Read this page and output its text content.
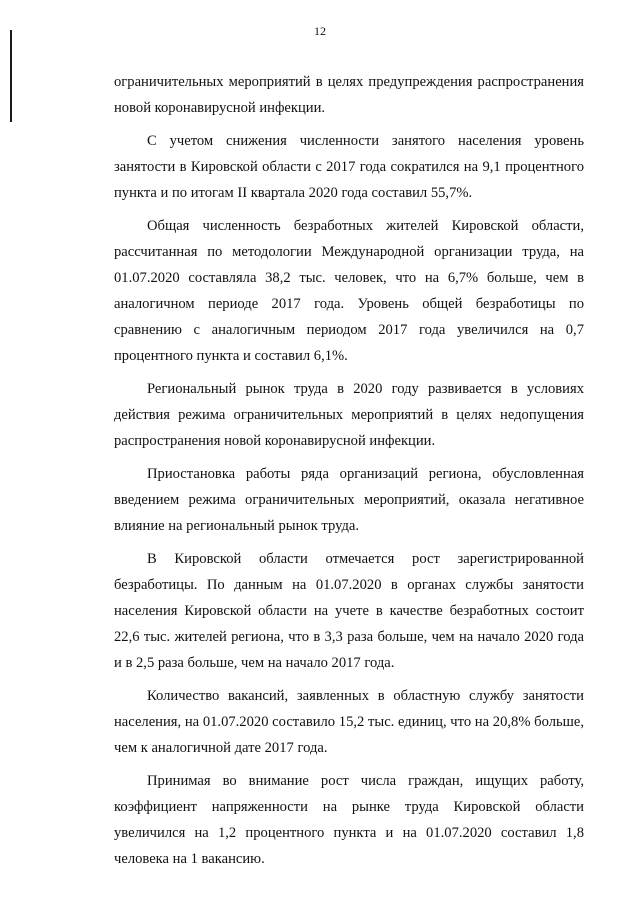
12

ограничительных мероприятий в целях предупреждения распространения новой коронавирусной инфекции.

С учетом снижения численности занятого населения уровень занятости в Кировской области с 2017 года сократился на 9,1 процентного пункта и по итогам II квартала 2020 года составил 55,7%.

Общая численность безработных жителей Кировской области, рассчитанная по методологии Международной организации труда, на 01.07.2020 составляла 38,2 тыс. человек, что на 6,7% больше, чем в аналогичном периоде 2017 года. Уровень общей безработицы по сравнению с аналогичным периодом 2017 года увеличился на 0,7 процентного пункта и составил 6,1%.

Региональный рынок труда в 2020 году развивается в условиях действия режима ограничительных мероприятий в целях недопущения распространения новой коронавирусной инфекции.

Приостановка работы ряда организаций региона, обусловленная введением режима ограничительных мероприятий, оказала негативное влияние на региональный рынок труда.

В Кировской области отмечается рост зарегистрированной безработицы. По данным на 01.07.2020 в органах службы занятости населения Кировской области на учете в качестве безработных состоит 22,6 тыс. жителей региона, что в 3,3 раза больше, чем на начало 2020 года и в 2,5 раза больше, чем на начало 2017 года.

Количество вакансий, заявленных в областную службу занятости населения, на 01.07.2020 составило 15,2 тыс. единиц, что на 20,8% больше, чем к аналогичной дате 2017 года.

Принимая во внимание рост числа граждан, ищущих работу, коэффициент напряженности на рынке труда Кировской области увеличился на 1,2 процентного пункта и на 01.07.2020 составил 1,8 человека на 1 вакансию.
